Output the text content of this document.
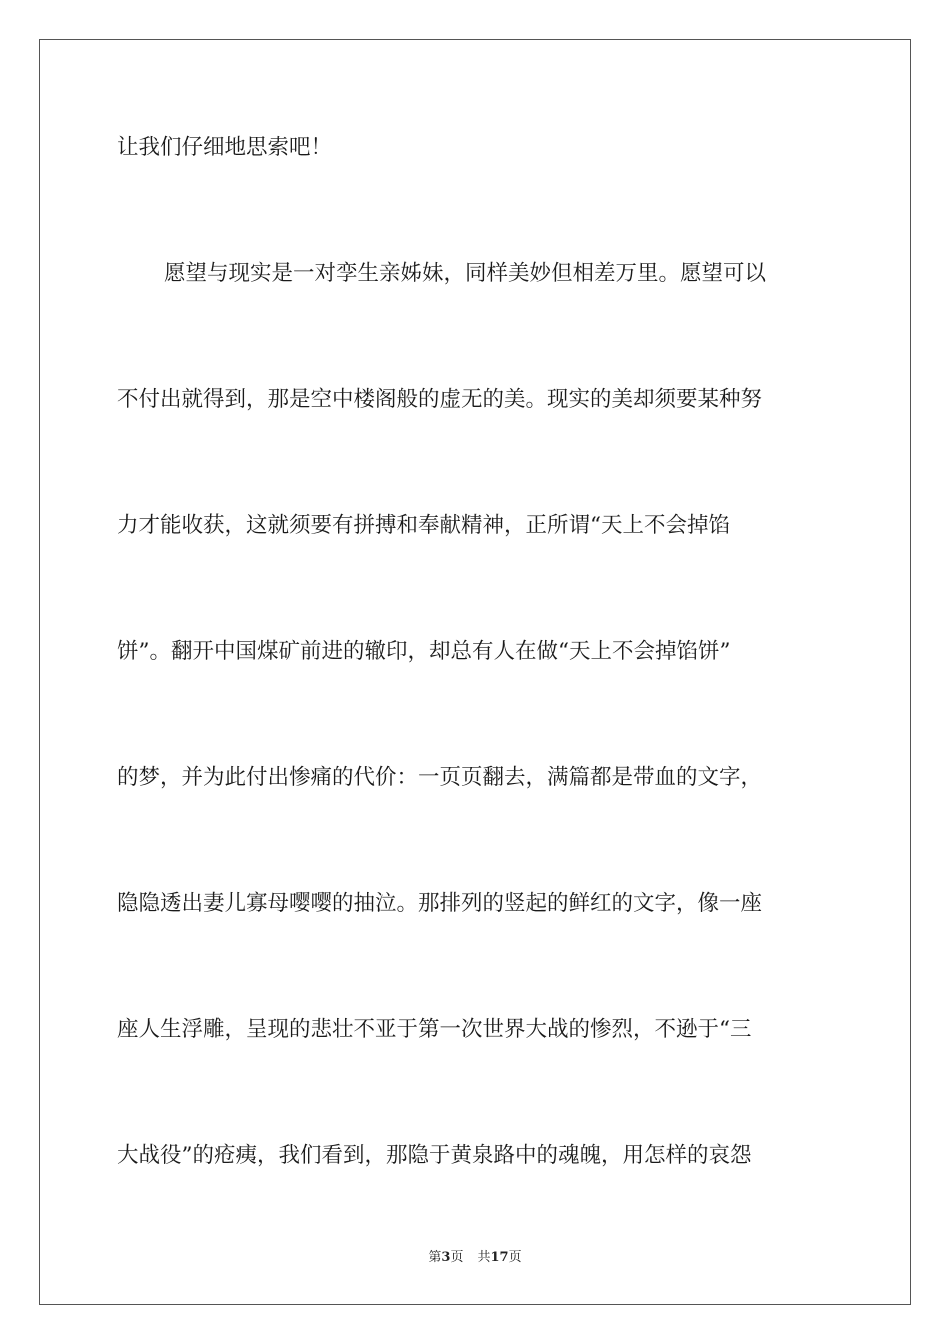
让我们仔细地思索吧！
愿望与现实是一对孪生亲姊妹，同样美妙但相差万里。愿望可以
不付出就得到，那是空中楼阁般的虚无的美。现实的美却须要某种努
力才能收获，这就须要有拼搏和奉献精神，正所谓“天上不会掉馅
饼”。翻开中国煤矿前进的辙印，却总有人在做“天上不会掉馅饼”
的梦，并为此付出惨痛的代价：一页页翻去，满篇都是带血的文字，
隐隐透出妻儿寡母嘤嘤的抽泣。那排列的竖起的鲜红的文字，像一座
座人生浮雕，呈现的悲壮不亚于第一次世界大战的惨烈，不逊于“三
大战役”的疮痍，我们看到，那隐于黄泉路中的魂魄，用怎样的哀怨
第3页 共17页
